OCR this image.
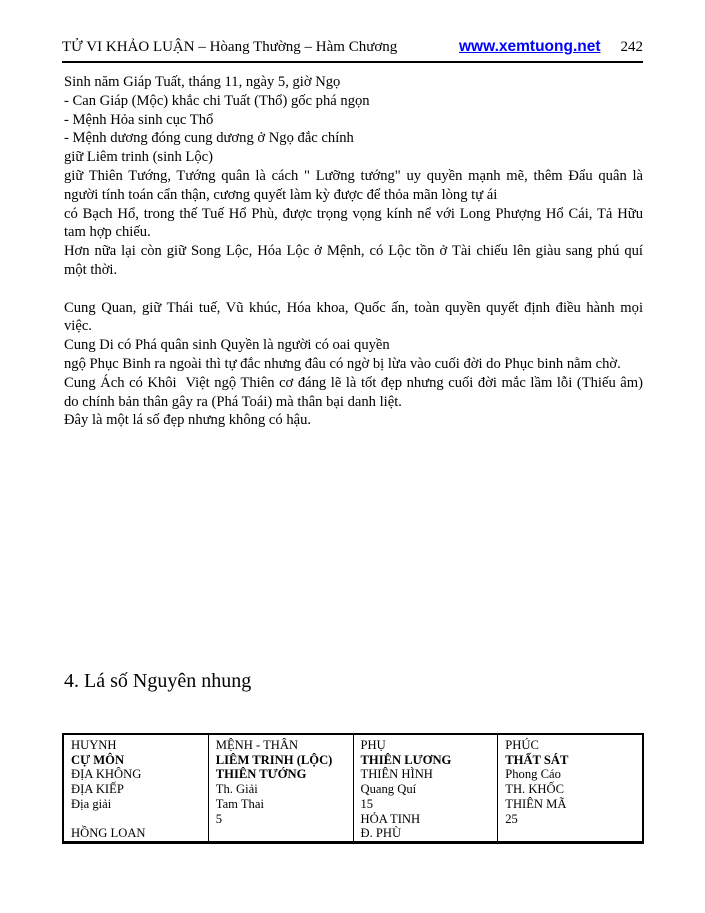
TỬ VI KHẢO LUẬN – Hòang Thường – Hàm Chương	www.xemtuong.net 242
Sinh năm Giáp Tuất, tháng 11, ngày 5, giờ Ngọ
- Can Giáp (Mộc) khắc chi Tuất (Thổ) gốc phá ngọn
- Mệnh Hỏa sinh cục Thổ
- Mệnh dương đóng cung dương ở Ngọ đắc chính
giữ Liêm trinh (sinh Lộc)
giữ Thiên Tướng, Tướng quân là cách " Lưỡng tướng" uy quyền mạnh mẽ, thêm Đẩu quân là
người tính toán cẩn thận, cương quyết làm kỳ được để thỏa mãn lòng tự ái
có Bạch Hổ, trong thế Tuế Hổ Phù, được trọng vọng kính nể với Long Phượng Hổ Cái, Tả Hữu
tam hợp chiếu.
Hơn nữa lại còn giữ Song Lộc, Hóa Lộc ở Mệnh, có Lộc tồn ở Tài chiếu lên giàu sang phú quí
một thời.
Cung Quan, giữ Thái tuế, Vũ khúc, Hóa khoa, Quốc ấn, toàn quyền quyết định điều hành mọi
việc.
Cung Di có Phá quân sinh Quyền là người có oai quyền
ngộ Phục Binh ra ngoài thì tự đắc nhưng đâu có ngờ bị lừa vào cuối đời do Phục binh nằm chờ.
Cung Ách có Khôi  Việt ngộ Thiên cơ đáng lẽ là tốt đẹp nhưng cuối đời mắc lầm lỗi (Thiếu âm)
do chính bản thân gây ra (Phá Toái) mà thân bại danh liệt.
Đây là một lá số đẹp nhưng không có hậu.
4. Lá số Nguyên nhung
HUYNH
CỰ MÔN
ĐỊA KHÔNG
ĐỊA KIẾP
Địa giải
HỒNG LOAN
MỆNH - THÂN
LIÊM TRINH (LỘC)
THIÊN TƯỚNG
Th. Giải
Tam Thai
5
PHỤ
THIÊN LƯƠNG
THIÊN HÌNH
Quang Quí
15
HỎA TINH
Đ. PHÙ
PHÚC
THẤT SÁT
Phong Cáo
TH. KHỐC
THIÊN MÃ
25
